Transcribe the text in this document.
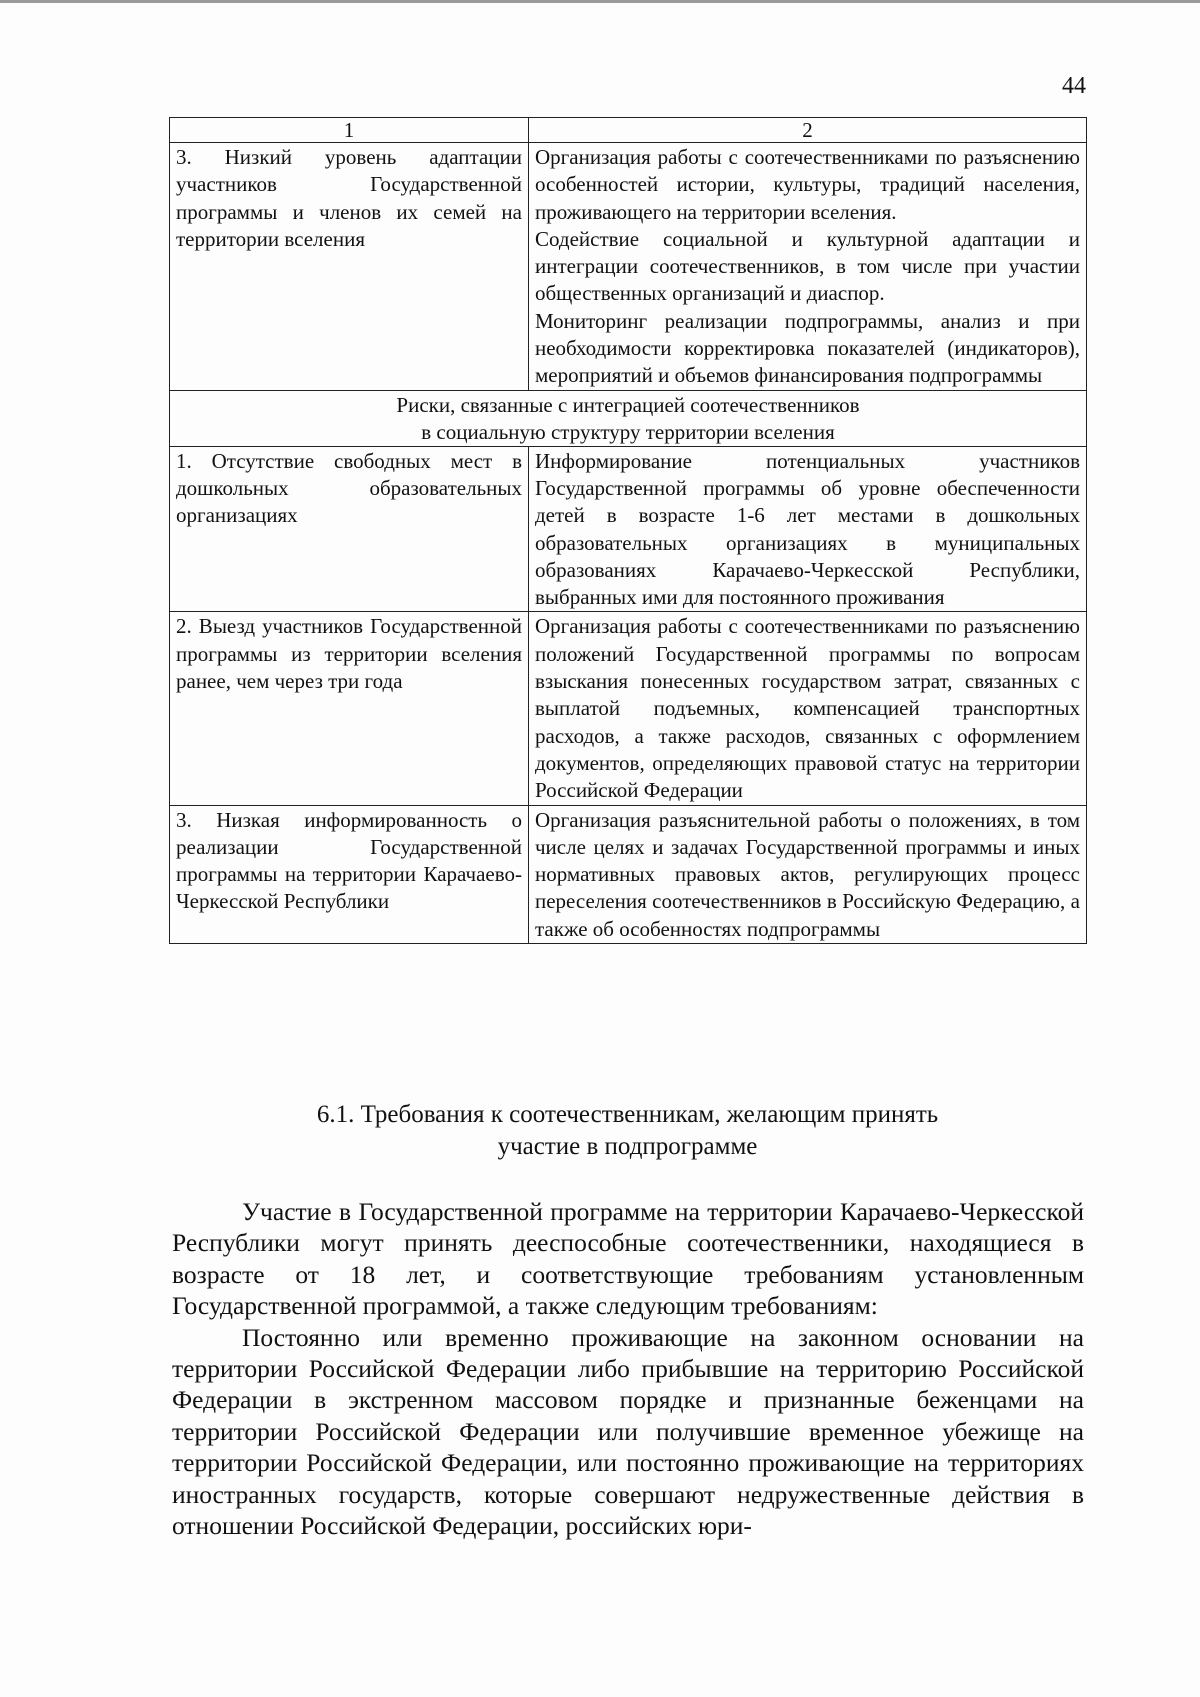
44
1	2
3. Низкий уровень адаптации участников Государственной программы и членов их семей на территории вселения	Организация работы с соотечественниками по разъяснению особенностей истории, культуры, традиций населения, проживающего на территории вселения.

Содействие социальной и культурной адаптации и интеграции соотечественников, в том числе при участии общественных организаций и диаспор.

Мониторинг реализации подпрограммы, анализ и при необходимости корректировка показателей (индикаторов), мероприятий и объемов финансирования подпрограммы

Риски, связанные с интеграцией соотечественников
в социальную структуру территории вселения	

1. Отсутствие свободных мест в дошкольных образовательных организациях	Информирование потенциальных участников Государственной программы об уровне обеспеченности детей в возрасте 1-6 лет местами в дошкольных образовательных организациях в муниципальных образованиях Карачаево-Черкесской Республики, выбранных ими для постоянного проживания
2. Выезд участников Государственной программы из территории вселения ранее, чем через три года	Организация работы с соотечественниками по разъяснению положений Государственной программы по вопросам взыскания понесенных государством затрат, связанных с выплатой подъемных, компенсацией транспортных расходов, а также расходов, связанных с оформлением документов, определяющих правовой статус на территории Российской Федерации
3. Низкая информированность о реализации Государственной программы на территории Карачаево-Черкесской Республики	Организация разъяснительной работы о положениях, в том числе целях и задачах Государственной программы и иных нормативных правовых актов, регулирующих процесс переселения соотечественников в Российскую Федерацию, а также об особенностях подпрограммы
6.1. Требования к соотечественникам, желающим принять
участие в подпрограмме

Участие в Государственной программе на территории Карачаево-Черкесской Республики могут принять дееспособные соотечественники, находящиеся в возрасте от 18 лет, и соответствующие требованиям установленным Государственной программой, а также следующим требованиям:

Постоянно или временно проживающие на законном основании на территории Российской Федерации либо прибывшие на территорию Российской Федерации в экстренном массовом порядке и признанные беженцами на территории Российской Федерации или получившие временное убежище на территории Российской Федерации, или постоянно проживающие на территориях иностранных государств, которые совершают недружественные действия в отношении Российской Федерации, российских юри-
